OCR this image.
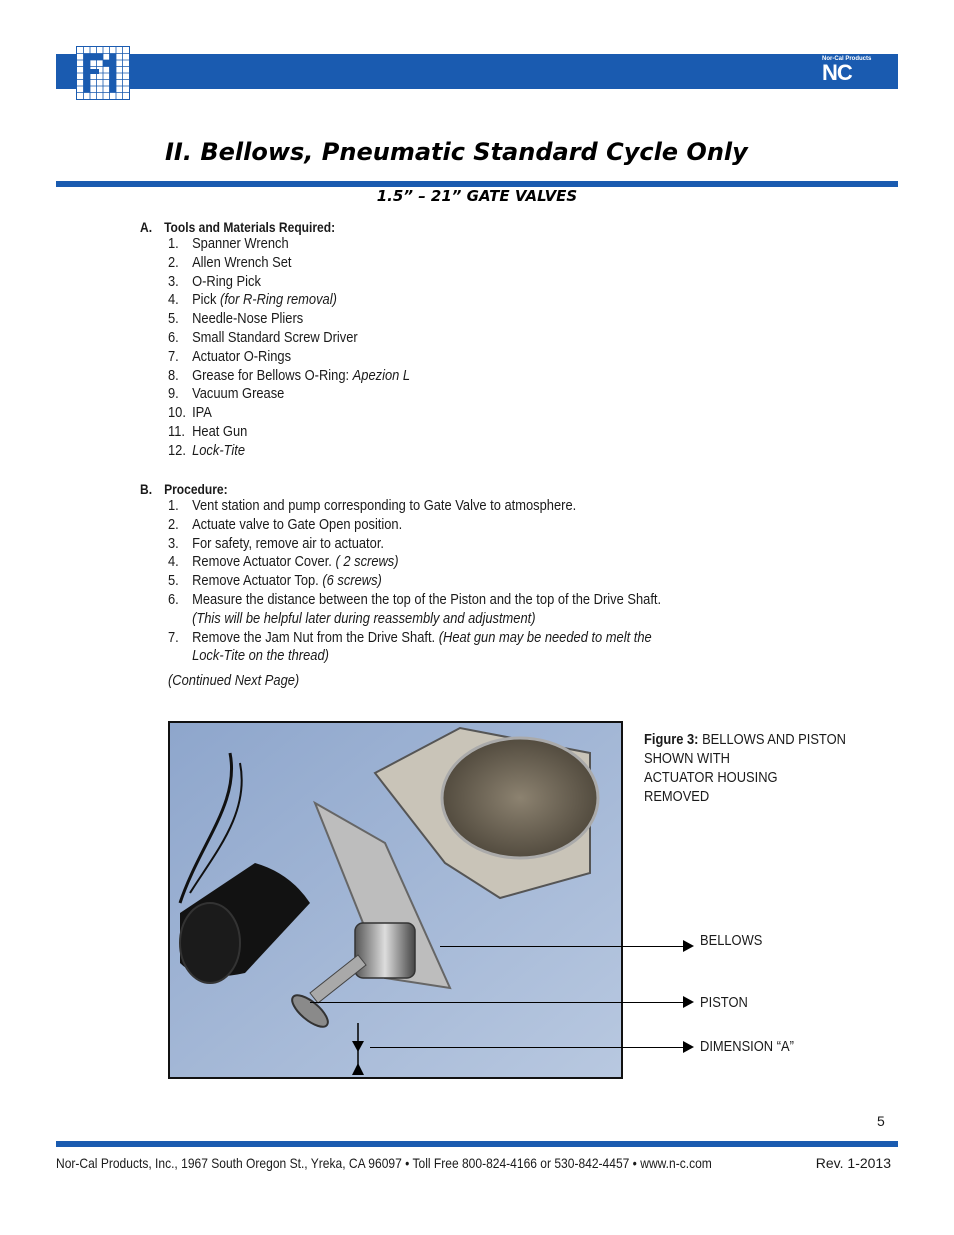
Nor-Cal Products
NC
II. Bellows, Pneumatic Standard Cycle Only
1.5” – 21” GATE VALVES
A. Tools and Materials Required:
1. Spanner Wrench
2. Allen Wrench Set
3. O-Ring Pick
4. Pick (for R-Ring removal)
5. Needle-Nose Pliers
6. Small Standard Screw Driver
7. Actuator O-Rings
8. Grease for Bellows O-Ring: Apezion L
9. Vacuum Grease
10. IPA
11. Heat Gun
12. Lock-Tite
B. Procedure:
1. Vent station and pump corresponding to Gate Valve to atmosphere.
2. Actuate valve to Gate Open position.
3. For safety, remove air to actuator.
4. Remove Actuator Cover. ( 2 screws)
5. Remove Actuator Top. (6 screws)
6. Measure the distance between the top of the Piston and the top of the Drive Shaft.
(This will be helpful later during reassembly and adjustment)
7. Remove the Jam Nut from the Drive Shaft. (Heat gun may be needed to melt the
Lock-Tite on the thread)
(Continued Next Page)
Figure 3: BELLOWS AND PISTON
SHOWN WITH
ACTUATOR HOUSING
REMOVED
BELLOWS
PISTON
DIMENSION “A”
5
Nor-Cal Products, Inc., 1967 South Oregon St., Yreka, CA 96097 • Toll Free 800-824-4166 or 530-842-4457 • www.n-c.com	Rev. 1-2013
